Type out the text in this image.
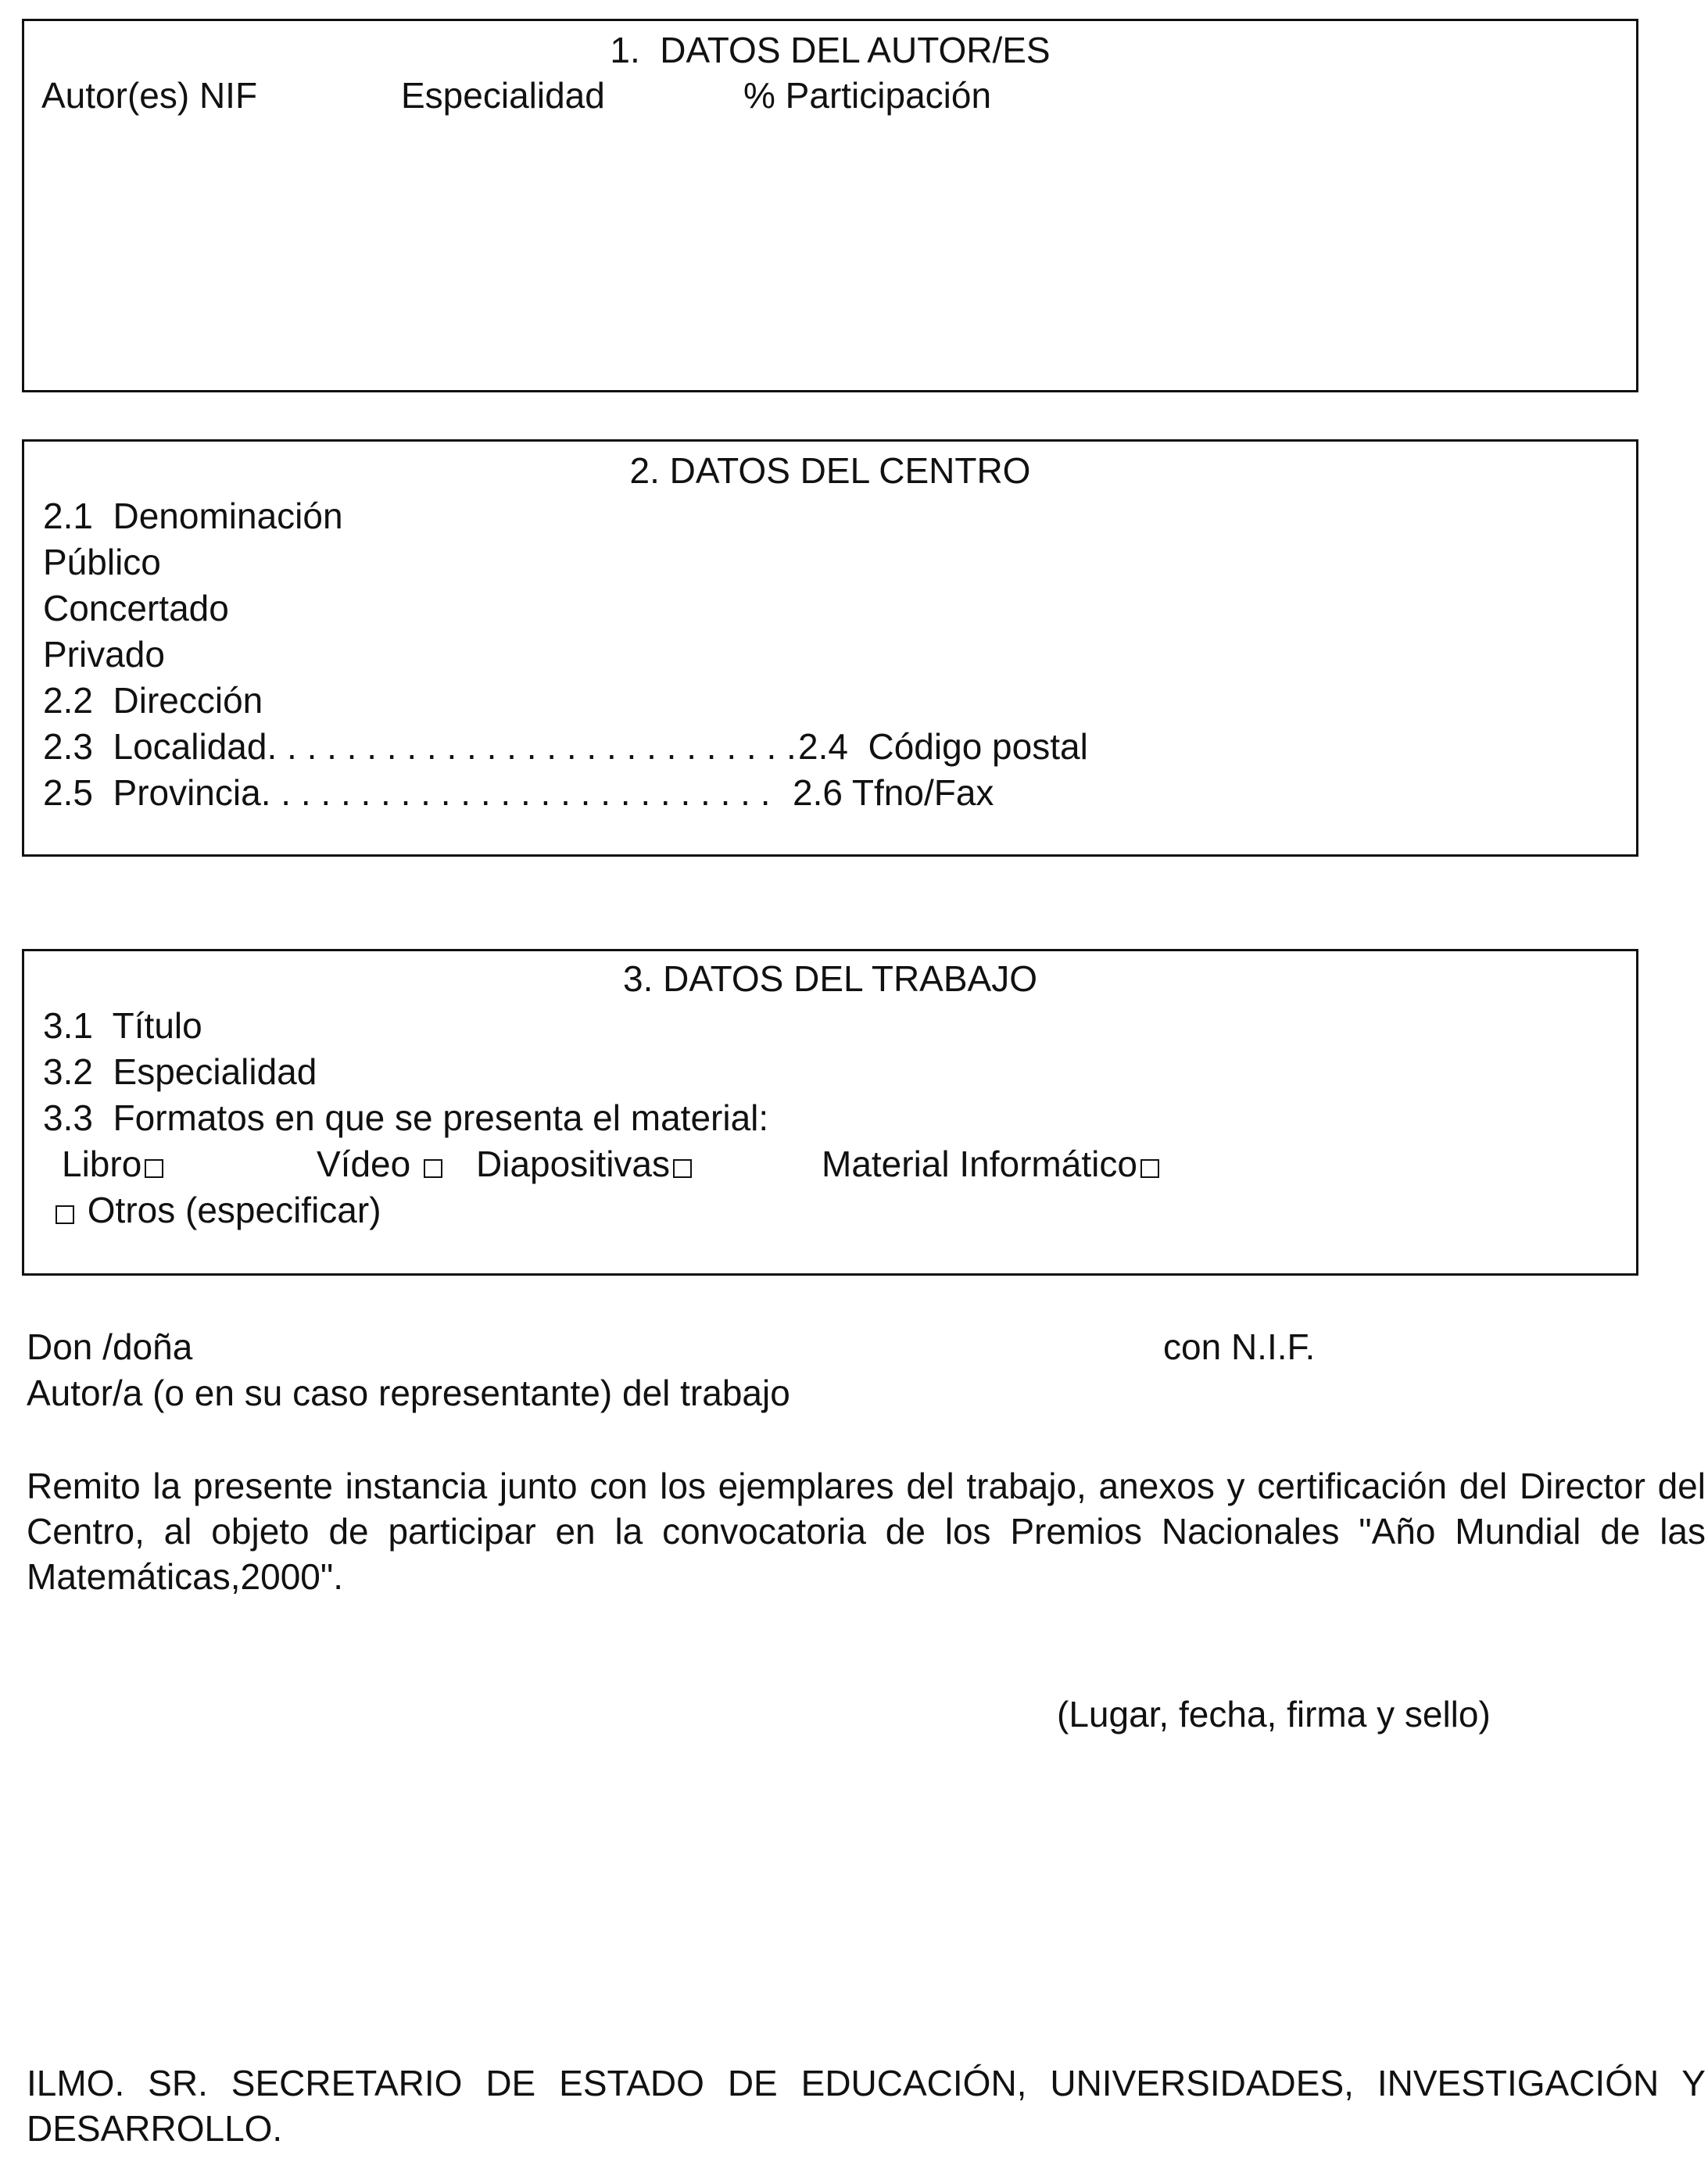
1.  DATOS DEL AUTOR/ES
Autor(es) NIF	Especialidad	% Participación
2. DATOS DEL CENTRO
2.1  Denominación
Público
Concertado
Privado
2.2  Dirección
2.3  Localidad. . . . . . . . . . . . . . . . . . . . . . . . . . . 2.4  Código postal
2.5  Provincia. . . . . . . . . . . . . . . . . . . . . . . . . . 2.6 Tfno/Fax
3. DATOS DEL TRABAJO
3.1  Título
3.2  Especialidad
3.3  Formatos en que se presenta el material:
Libro	Vídeo	Diapositivas	Material Informático
Otros (especificar)
Don /doña	con N.I.F.
Autor/a (o en su caso representante) del trabajo
Remito la presente instancia junto con los ejemplares del trabajo, anexos y certificación del Director del Centro, al objeto de participar en la convocatoria de los Premios Nacionales "Año Mundial de las Matemáticas,2000".
(Lugar, fecha, firma y sello)
ILMO. SR. SECRETARIO DE ESTADO DE EDUCACIÓN, UNIVERSIDADES, INVESTIGACIÓN Y DESARROLLO.
